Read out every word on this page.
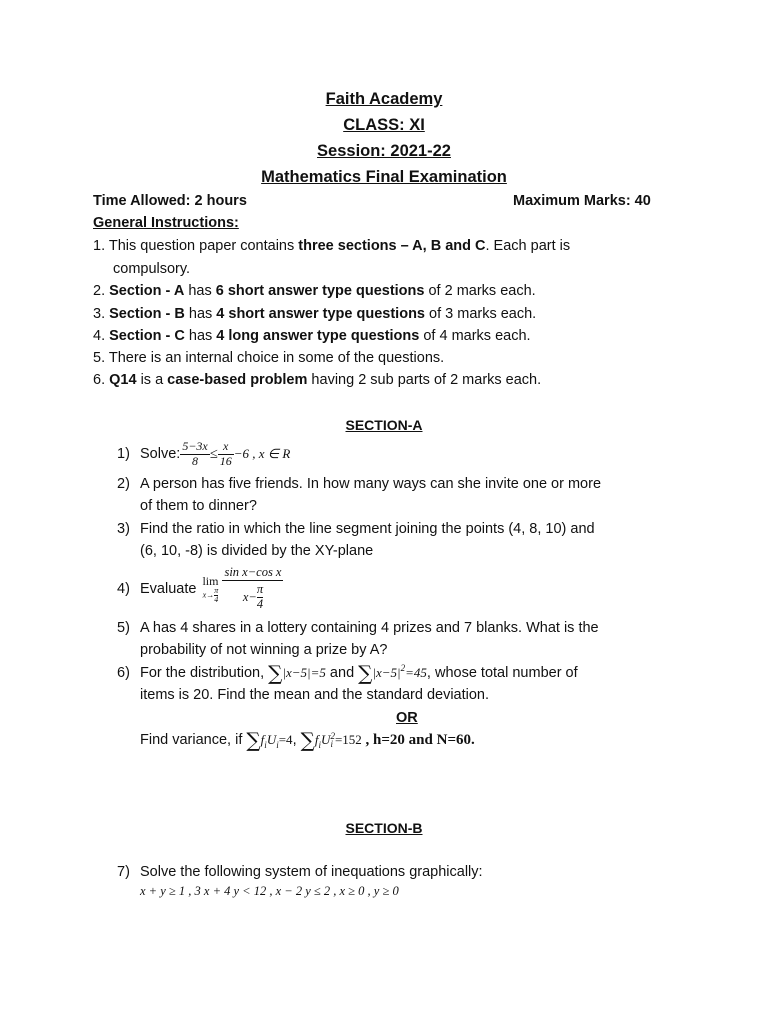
Faith Academy
CLASS: XI
Session: 2021-22
Mathematics Final Examination
Time Allowed: 2 hours	Maximum Marks: 40
General Instructions:
1. This question paper contains three sections – A, B and C. Each part is
compulsory.
2. Section - A has 6 short answer type questions of 2 marks each.
3. Section - B has 4 short answer type questions of 3 marks each.
4. Section - C has 4 long answer type questions of 4 marks each.
5. There is an internal choice in some of the questions.
6. Q14 is a case-based problem having 2 sub parts of 2 marks each.
SECTION-A
1) Solve: $\frac{5-3x}{8} \le \frac{x}{16} -6$ , x ∈ R
2) A person has five friends. In how many ways can she invite one or more
of them to dinner?
3) Find the ratio in which the line segment joining the points (4, 8, 10) and
(6, 10, -8) is divided by the XY-plane
4) Evaluate
lim
$x\to \frac{\pi}{4} \frac{\text{sin x−cos x}}{x- \frac{\pi}{4}}$
5) A has 4 shares in a lottery containing 4 prizes and 7 blanks. What is the
probability of not winning a prize by A?
6) For the distribution, ∑|x−5|=5 and $\sum|x-5|^2=45$, whose total number of
items is 20. Find the mean and the standard deviation.
OR
Find variance, if $\sum f_iU_i=4$, $\sum f_iU$ 2
i =152 , h=20 and N=60.
SECTION-B
7) Solve the following system of inequations graphically:
x + y ≥ 1 , 3 x + 4 y < 12 , x − 2 y ≤ 2 , x ≥ 0 , y ≥ 0
